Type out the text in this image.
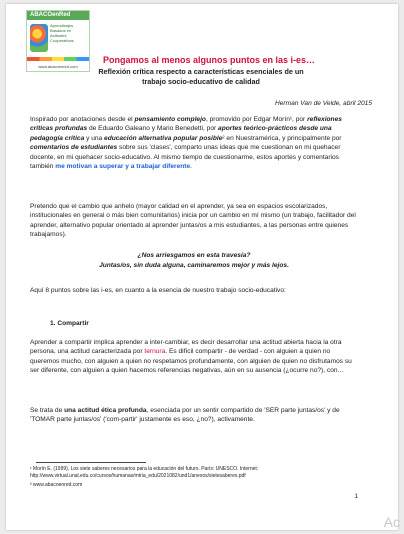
ABACOenRed
Aprendizajes
Basados en
Actitudes
Cooperativas
www.abacoenred.com

Pongamos al menos algunos puntos en las i-es…

Reflexión crítica respecto a características esenciales de un
trabajo socio-educativo de calidad

Herman Van de Velde, abril 2015

Inspirado por anotaciones desde el pensamiento complejo, promovido por Edgar Morín¹, por reflexiones críticas profundas de Eduardo Galeano y Mario Benedetti, por aportes teórico-prácticos desde una pedagogía crítica y una educación alternativa popular posible² en Nuestramérica, y principalmente por comentarios de estudiantes sobre sus 'clases', comparto unas ideas que me cuestionan en mi quehacer docente, en mi quehacer socio-educativo. Al mismo tiempo de cuestionarme, estos aportes y comentarios también me motivan a superar y a trabajar diferente.

Pretendo que el cambio que anhelo (mayor calidad en el aprender, ya sea en espacios escolarizados, institucionales en general o más bien comunitarios) inicia por un cambio en mí mismo (un trabajo, facilitador del aprender, alternativo popular orientado al aprender juntas/os a mis estudiantes, a las personas entre quienes trabajamos).

¿Nos arriesgamos en esta travesía?

Juntas/os, sin duda alguna, caminaremos mejor y más lejos.

Aquí 8 puntos sobre las i-es, en cuanto a la esencia de nuestro trabajo socio-educativo:

1. Compartir

Aprender a compartir implica aprender a inter-cambiar, es decir desarrollar una actitud abierta hacia la otra persona, una actitud caracterizada por ternura. Es difícil compartir - de verdad - con alguien a quien no queremos mucho, con alguien a quien no respetamos profundamente, con alguien de quien no disfrutamos su ser diferente, con alguien a quien hacemos referencias negativas, aún en su ausencia (¿ocurre no?), con…

Se trata de una actitud ética profunda, esenciada por un sentir compartido de 'SER parte juntas/os' y de 'TOMAR parte juntas/os' ('com-partir' justamente es eso, ¿no?), activamente.

¹ Morín E. (1999), Los siete saberes necesarios para la educación del futuro. París: UNESCO. Internet: http://www.virtual.unal.edu.co/cursos/humanas/mtria_edu/2021082/und1/anexos/sietesaberes.pdf

² www.abacoenred.com

1
Ac
